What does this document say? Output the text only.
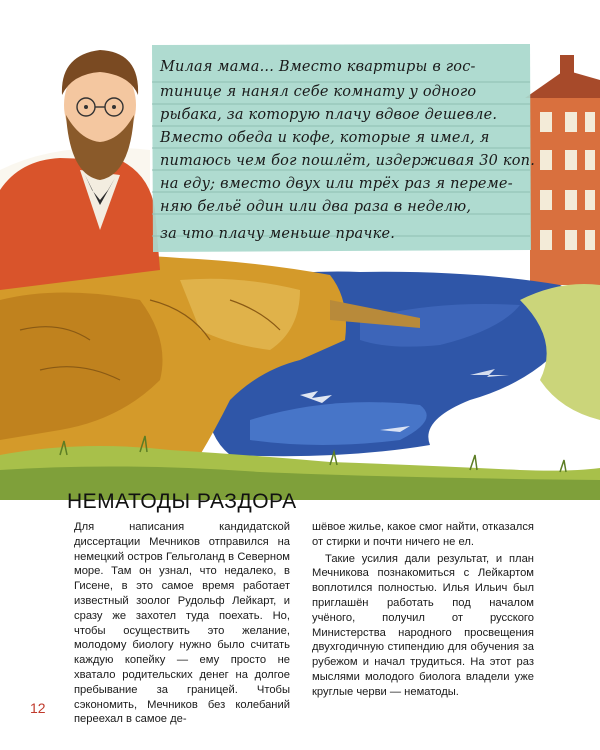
Милая мама... Вместо квартиры в гос-
тинице я нанял себе комнату у одного
рыбака, за которую плачу вдвое дешевле.
Вместо обеда и кофе, которые я имел, я
питаюсь чем бог пошлёт, издерживая 30 коп.
на еду; вместо двух или трёх раз я переме-
няю бельё один или два раза в неделю,
за что плачу меньше прачке.
НЕМАТОДЫ РАЗДОРА

Для написания кандидатской диссертации Мечников отправился на немецкий остров Гельголанд в Северном море. Там он узнал, что недалеко, в Гисене, в это самое время работает известный зоолог Рудольф Лейкарт, и сразу же захотел туда поехать. Но, чтобы осуществить это желание, молодому биологу нужно было считать каждую копейку — ему просто не хватало родительских денег на долгое пребывание за границей. Чтобы сэкономить, Мечников без колебаний переехал в самое де-

шёвое жилье, какое смог найти, отказался от стирки и почти ничего не ел.

Такие усилия дали результат, и план Мечникова познакомиться с Лейкартом воплотился полностью. Илья Ильич был приглашён работать под началом учёного, получил от русского Министерства народного просвещения двухгодичную стипендию для обучения за рубежом и начал трудиться. На этот раз мыслями молодого биолога владели уже круглые черви — нематоды.

12
